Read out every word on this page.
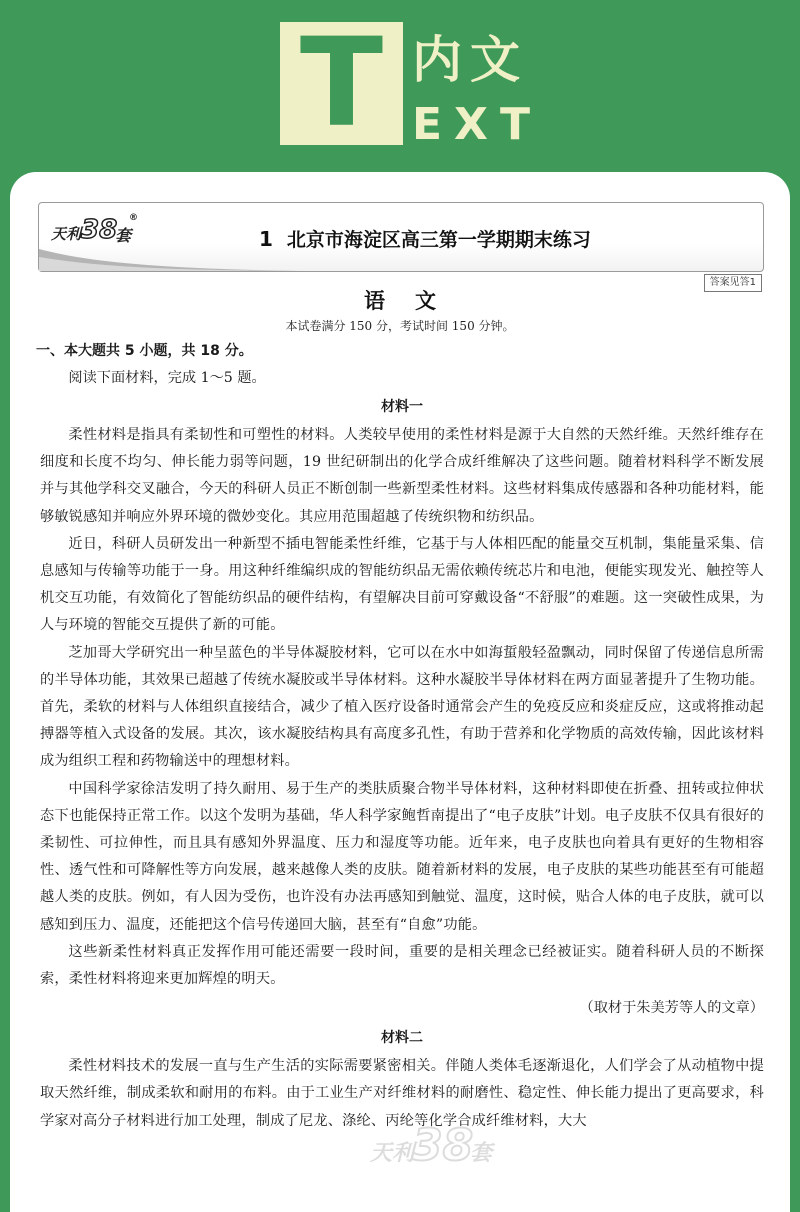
T 内文
EXT
天利 38
套
®
1 北京市海淀区高三第一学期期末练习
答案见答1
语文
本试卷满分 150 分，考试时间 150 分钟。
一、本大题共 5 小题，共 18 分。
阅读下面材料，完成 1～5 题。
材料一

柔性材料是指具有柔韧性和可塑性的材料。人类较早使用的柔性材料是源于大自然的天然纤维。天然纤维存在细度和长度不均匀、伸长能力弱等问题，19 世纪研制出的化学合成纤维解决了这些问题。随着材料科学不断发展并与其他学科交叉融合，今天的科研人员正不断创制一些新型柔性材料。这些材料集成传感器和各种功能材料，能够敏锐感知并响应外界环境的微妙变化。其应用范围超越了传统织物和纺织品。

近日，科研人员研发出一种新型不插电智能柔性纤维，它基于与人体相匹配的能量交互机制，集能量采集、信息感知与传输等功能于一身。用这种纤维编织成的智能纺织品无需依赖传统芯片和电池，便能实现发光、触控等人机交互功能，有效简化了智能纺织品的硬件结构，有望解决目前可穿戴设备“不舒服”的难题。这一突破性成果，为人与环境的智能交互提供了新的可能。

芝加哥大学研究出一种呈蓝色的半导体凝胶材料，它可以在水中如海蜇般轻盈飘动，同时保留了传递信息所需的半导体功能，其效果已超越了传统水凝胶或半导体材料。这种水凝胶半导体材料在两方面显著提升了生物功能。首先，柔软的材料与人体组织直接结合，减少了植入医疗设备时通常会产生的免疫反应和炎症反应，这或将推动起搏器等植入式设备的发展。其次，该水凝胶结构具有高度多孔性，有助于营养和化学物质的高效传输，因此该材料成为组织工程和药物输送中的理想材料。

中国科学家徐洁发明了持久耐用、易于生产的类肤质聚合物半导体材料，这种材料即使在折叠、扭转或拉伸状态下也能保持正常工作。以这个发明为基础，华人科学家鲍哲南提出了“电子皮肤”计划。电子皮肤不仅具有很好的柔韧性、可拉伸性，而且具有感知外界温度、压力和湿度等功能。近年来，电子皮肤也向着具有更好的生物相容性、透气性和可降解性等方向发展，越来越像人类的皮肤。随着新材料的发展，电子皮肤的某些功能甚至有可能超越人类的皮肤。例如，有人因为受伤，也许没有办法再感知到触觉、温度，这时候，贴合人体的电子皮肤，就可以感知到压力、温度，还能把这个信号传递回大脑，甚至有“自愈”功能。

这些新柔性材料真正发挥作用可能还需要一段时间，重要的是相关理念已经被证实。随着科研人员的不断探索，柔性材料将迎来更加辉煌的明天。

（取材于朱美芳等人的文章）
材料二

柔性材料技术的发展一直与生产生活的实际需要紧密相关。伴随人类体毛逐渐退化，人们学会了从动植物中提取天然纤维，制成柔软和耐用的布料。由于工业生产对纤维材料的耐磨性、稳定性、伸长能力提出了更高要求，科学家对高分子材料进行加工处理，制成了尼龙、涤纶、丙纶等化学合成纤维材料，大大

天利
38
套
